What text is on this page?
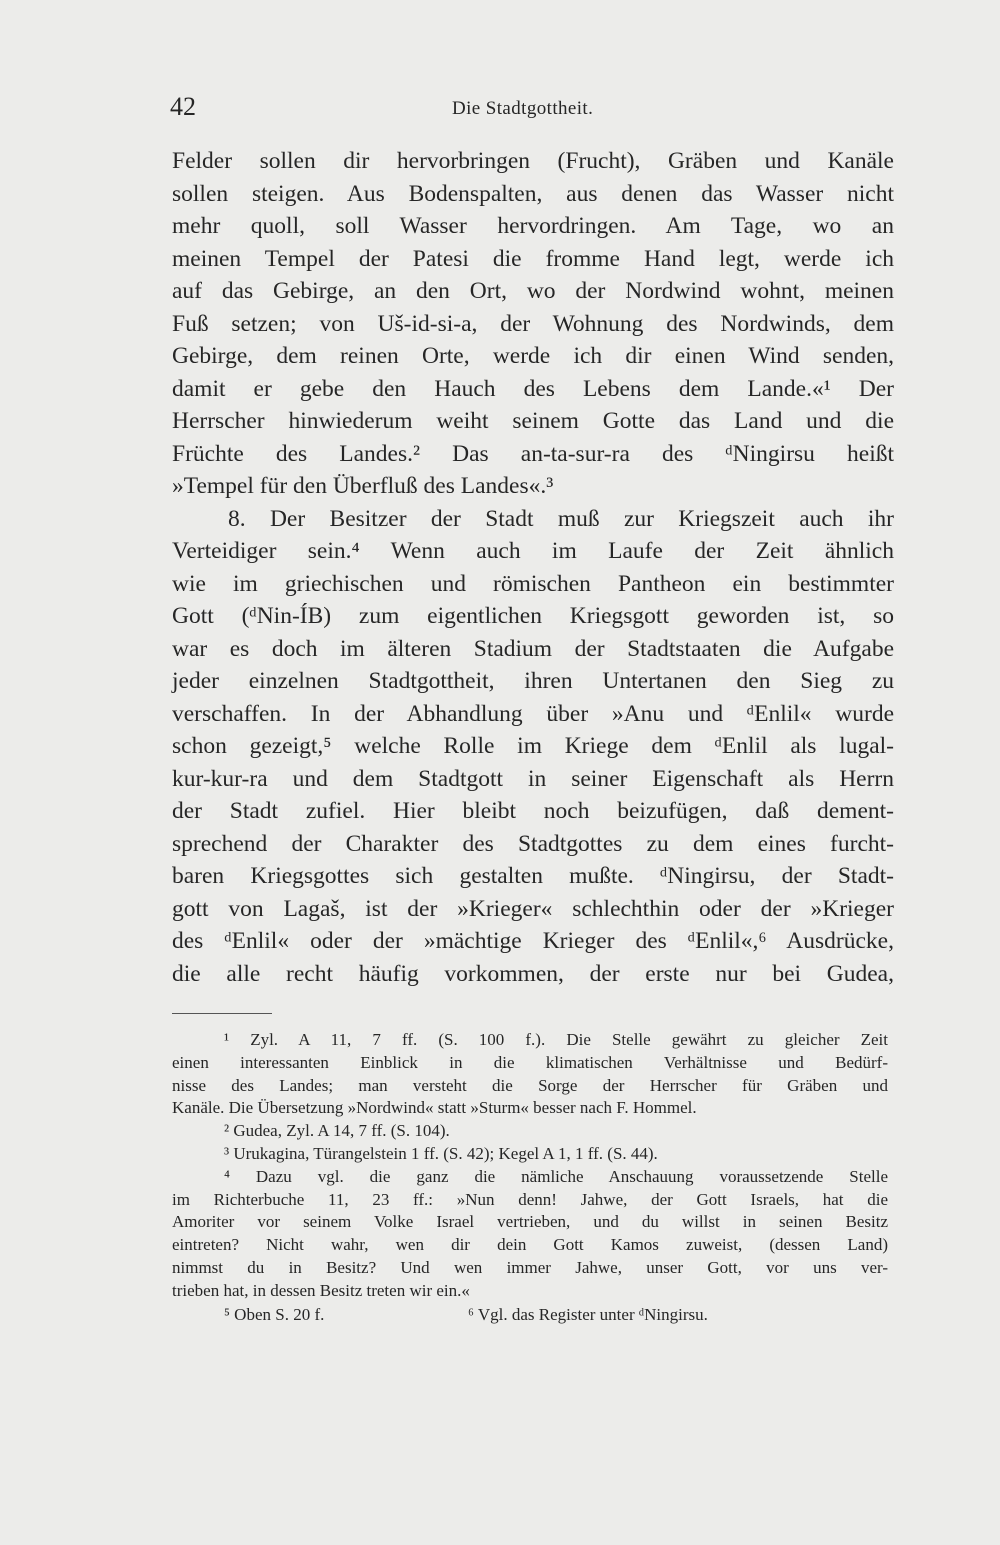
42	Die Stadtgottheit.
Felder sollen dir hervorbringen (Frucht), Gräben und Kanäle
sollen steigen. Aus Bodenspalten, aus denen das Wasser nicht
mehr quoll, soll Wasser hervordringen. Am Tage, wo an
meinen Tempel der Patesi die fromme Hand legt, werde ich
auf das Gebirge, an den Ort, wo der Nordwind wohnt, meinen
Fuß setzen; von Uš-id-si-a, der Wohnung des Nordwinds, dem
Gebirge, dem reinen Orte, werde ich dir einen Wind senden,
damit er gebe den Hauch des Lebens dem Lande.«¹ Der
Herrscher hinwiederum weiht seinem Gotte das Land und die
Früchte des Landes.² Das an-ta-sur-ra des ᵈNingirsu heißt
»Tempel für den Überfluß des Landes«.³
8. Der Besitzer der Stadt muß zur Kriegszeit auch ihr
Verteidiger sein.⁴ Wenn auch im Laufe der Zeit ähnlich
wie im griechischen und römischen Pantheon ein bestimmter
Gott (ᵈNin-ÍB) zum eigentlichen Kriegsgott geworden ist, so
war es doch im älteren Stadium der Stadtstaaten die Aufgabe
jeder einzelnen Stadtgottheit, ihren Untertanen den Sieg zu
verschaffen. In der Abhandlung über »Anu und ᵈEnlil« wurde
schon gezeigt,⁵ welche Rolle im Kriege dem ᵈEnlil als lugal-
kur-kur-ra und dem Stadtgott in seiner Eigenschaft als Herrn
der Stadt zufiel. Hier bleibt noch beizufügen, daß dement-
sprechend der Charakter des Stadtgottes zu dem eines furcht-
baren Kriegsgottes sich gestalten mußte. ᵈNingirsu, der Stadt-
gott von Lagaš, ist der »Krieger« schlechthin oder der »Krieger
des ᵈEnlil« oder der »mächtige Krieger des ᵈEnlil«,⁶ Ausdrücke,
die alle recht häufig vorkommen, der erste nur bei Gudea,
¹ Zyl. A 11, 7 ff. (S. 100 f.). Die Stelle gewährt zu gleicher Zeit
einen interessanten Einblick in die klimatischen Verhältnisse und Bedürf-
nisse des Landes; man versteht die Sorge der Herrscher für Gräben und
Kanäle. Die Übersetzung »Nordwind« statt »Sturm« besser nach F. Hommel.
² Gudea, Zyl. A 14, 7 ff. (S. 104).
³ Urukagina, Türangelstein 1 ff. (S. 42); Kegel A 1, 1 ff. (S. 44).
⁴ Dazu vgl. die ganz die nämliche Anschauung voraussetzende Stelle
im Richterbuche 11, 23 ff.: »Nun denn! Jahwe, der Gott Israels, hat die
Amoriter vor seinem Volke Israel vertrieben, und du willst in seinen Besitz
eintreten? Nicht wahr, wen dir dein Gott Kamos zuweist, (dessen Land)
nimmst du in Besitz? Und wen immer Jahwe, unser Gott, vor uns ver-
trieben hat, in dessen Besitz treten wir ein.«
⁵ Oben S. 20 f.	⁶ Vgl. das Register unter ᵈNingirsu.
